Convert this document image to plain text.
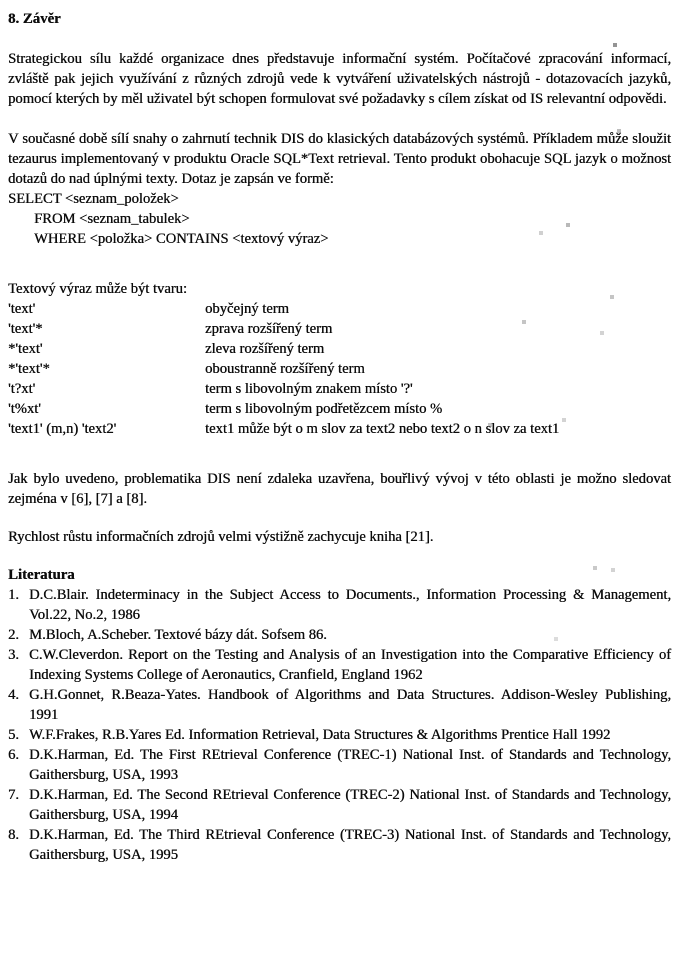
8. Závěr

Strategickou sílu každé organizace dnes představuje informační systém. Počítačové zpracování informací, zvláště pak jejich využívání z různých zdrojů vede k vytváření uživatelských nástrojů - dotazovacích jazyků, pomocí kterých by měl uživatel být schopen formulovat své požadavky s cílem získat od IS relevantní odpovědi.

V současné době sílí snahy o zahrnutí technik DIS do klasických databázových systémů. Příkladem může sloužit tezaurus implementovaný v produktu Oracle SQL*Text retrieval. Tento produkt obohacuje SQL jazyk o možnost dotazů do nad úplnými texty. Dotaz je zapsán ve formě:

SELECT <seznam_položek>
FROM <seznam_tabulek>
WHERE <položka> CONTAINS <textový výraz>

Textový výraz může být tvaru:

'text'	obyčejný term
'text'*	zprava rozšířený term
*'text'	zleva rozšířený term
*'text'*	oboustranně rozšířený term
't?xt'	term s libovolným znakem místo '?'
't%xt'	term s libovolným podřetězcem místo %
'text1' (m,n) 'text2'	text1 může být o m slov za text2 nebo text2 o n slov za text1

Jak bylo uvedeno, problematika DIS není zdaleka uzavřena, bouřlivý vývoj v této oblasti je možno sledovat zejména v [6], [7] a [8].

Rychlost růstu informačních zdrojů velmi výstižně zachycuje kniha [21].

Literatura
1. D.C.Blair. Indeterminacy in the Subject Access to Documents., Information Processing & Management, Vol.22, No.2, 1986
2. M.Bloch, A.Scheber. Textové bázy dát. Sofsem 86.
3. C.W.Cleverdon. Report on the Testing and Analysis of an Investigation into the Comparative Efficiency of Indexing Systems College of Aeronautics, Cranfield, England 1962
4. G.H.Gonnet, R.Beaza-Yates. Handbook of Algorithms and Data Structures. Addison-Wesley Publishing, 1991
5. W.F.Frakes, R.B.Yares Ed. Information Retrieval, Data Structures & Algorithms Prentice Hall 1992
6. D.K.Harman, Ed. The First REtrieval Conference (TREC-1) National Inst. of Standards and Technology, Gaithersburg, USA, 1993
7. D.K.Harman, Ed. The Second REtrieval Conference (TREC-2) National Inst. of Standards and Technology, Gaithersburg, USA, 1994
8. D.K.Harman, Ed. The Third REtrieval Conference (TREC-3) National Inst. of Standards and Technology, Gaithersburg, USA, 1995
